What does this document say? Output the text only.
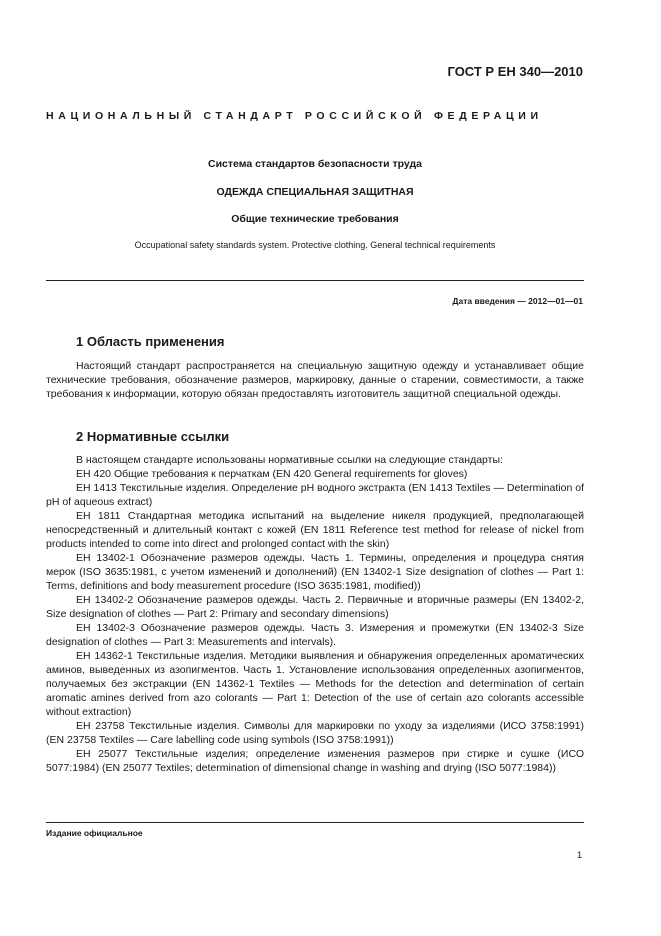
ГОСТ Р ЕН 340—2010
НАЦИОНАЛЬНЫЙ СТАНДАРТ РОССИЙСКОЙ ФЕДЕРАЦИИ
Система стандартов безопасности труда
ОДЕЖДА СПЕЦИАЛЬНАЯ ЗАЩИТНАЯ
Общие технические требования
Occupational safety standards system. Protective clothing. General technical requirements
Дата введения — 2012—01—01
1 Область применения

Настоящий стандарт распространяется на специальную защитную одежду и устанавливает общие технические требования, обозначение размеров, маркировку, данные о старении, совместимости, а также требования к информации, которую обязан предоставлять изготовитель защитной специальной одежды.

2 Нормативные ссылки

В настоящем стандарте использованы нормативные ссылки на следующие стандарты:

ЕН 420 Общие требования к перчаткам (EN 420 General requirements for gloves)

ЕН 1413 Текстильные изделия. Определение pH водного экстракта (EN 1413 Textiles — Determination of pH of aqueous extract)

ЕН 1811 Стандартная методика испытаний на выделение никеля продукцией, предполагающей непосредственный и длительный контакт с кожей (EN 1811 Reference test method for release of nickel from products intended to come into direct and prolonged contact with the skin)

ЕН 13402-1 Обозначение размеров одежды. Часть 1. Термины, определения и процедура снятия мерок (ISO 3635:1981, с учетом изменений и дополнений) (EN 13402-1 Size designation of clothes — Part 1: Terms, definitions and body measurement procedure (ISO 3635:1981, modified))

ЕН 13402-2 Обозначение размеров одежды. Часть 2. Первичные и вторичные размеры (EN 13402-2, Size designation of clothes — Part 2: Primary and secondary dimensions)

ЕН 13402-3 Обозначение размеров одежды. Часть 3. Измерения и промежутки (EN 13402-3 Size designation of clothes — Part 3: Measurements and intervals).

ЕН 14362-1 Текстильные изделия. Методики выявления и обнаружения определенных ароматических аминов, выведенных из азопигментов. Часть 1. Установление использования определенных азопигментов, получаемых без экстракции (EN 14362-1 Textiles — Methods for the detection and determination of certain aromatic amines derived from azo colorants — Part 1: Detection of the use of certain azo colorants accessible without extraction)

ЕН 23758 Текстильные изделия. Символы для маркировки по уходу за изделиями (ИСО 3758:1991) (EN 23758 Textiles — Care labelling code using symbols (ISO 3758:1991))

ЕН 25077 Текстильные изделия; определение изменения размеров при стирке и сушке (ИСО 5077:1984) (EN 25077 Textiles; determination of dimensional change in washing and drying (ISO 5077:1984))

Издание официальное
1
